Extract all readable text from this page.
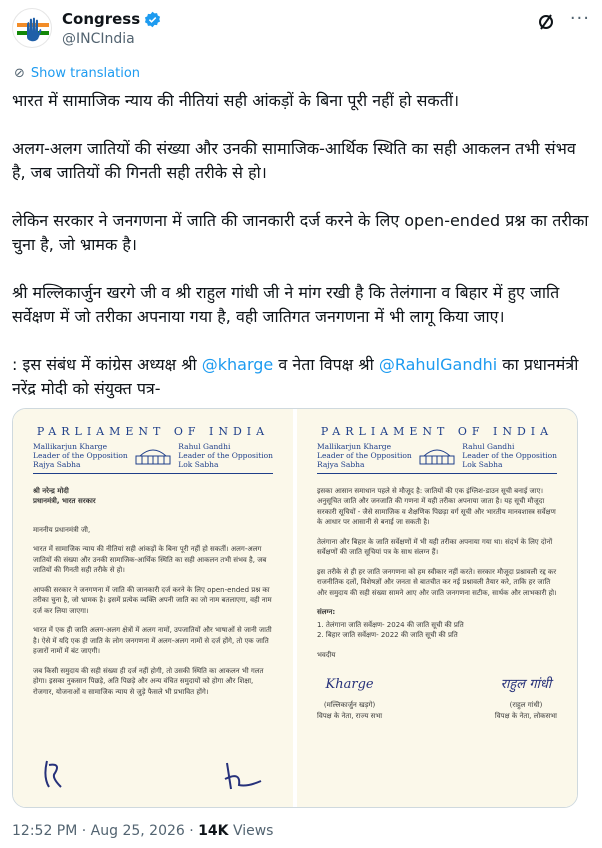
Congress
@INCIndia
···
⊘ Show translation

भारत में सामाजिक न्याय की नीतियां सही आंकड़ों के बिना पूरी नहीं हो सकतीं।

अलग-अलग जातियों की संख्या और उनकी सामाजिक-आर्थिक स्थिति का सही आकलन तभी संभव है, जब जातियों की गिनती सही तरीके से हो।

लेकिन सरकार ने जनगणना में जाति की जानकारी दर्ज करने के लिए open-ended प्रश्न का तरीका चुना है, जो भ्रामक है।

श्री मल्लिकार्जुन खरगे जी व श्री राहुल गांधी जी ने मांग रखी है कि तेलंगाना व बिहार में हुए जाति सर्वेक्षण में जो तरीका अपनाया गया है, वही जातिगत जनगणना में भी लागू किया जाए।

: इस संबंध में कांग्रेस अध्यक्ष श्री @kharge व नेता विपक्ष श्री @RahulGandhi का प्रधानमंत्री नरेंद्र मोदी को संयुक्त पत्र-

PARLIAMENT OF INDIA
Mallikarjun Kharge
Leader of the Opposition
Rajya Sabha
Rahul Gandhi
Leader of the Opposition
Lok Sabha
श्री नरेन्द्र मोदी
प्रधानमंत्री, भारत सरकार

माननीय प्रधानमंत्री जी,

भारत में सामाजिक न्याय की नीतियां सही आंकड़ों के बिना पूरी नहीं हो सकतीं। अलग-अलग जातियों की संख्या और उनकी सामाजिक-आर्थिक स्थिति का सही आकलन तभी संभव है, जब जातियों की गिनती सही तरीके से हो।

आपकी सरकार ने जनगणना में जाति की जानकारी दर्ज करने के लिए open-ended प्रश्न का तरीका चुना है, जो भ्रामक है। इसमें प्रत्येक व्यक्ति अपनी जाति का जो नाम बतलाएगा, वही नाम दर्ज कर लिया जाएगा।

भारत में एक ही जाति अलग-अलग क्षेत्रों में अलग नामों, उपजातियों और भाषाओं से जानी जाती है। ऐसे में यदि एक ही जाति के लोग जनगणना में अलग-अलग नामों से दर्ज होंगे, तो एक जाति हजारों नामों में बंट जाएगी।

जब किसी समुदाय की सही संख्या ही दर्ज नहीं होगी, तो उसकी स्थिति का आकलन भी गलत होगा। इसका नुकसान पिछड़े, अति पिछड़े और अन्य वंचित समुदायों को होगा और शिक्षा, रोजगार, योजनाओं व सामाजिक न्याय से जुड़े फैसले भी प्रभावित होंगे।

PARLIAMENT OF INDIA
Mallikarjun Kharge
Leader of the Opposition
Rajya Sabha
Rahul Gandhi
Leader of the Opposition
Lok Sabha

इसका आसान समाधान पहले से मौजूद है: जातियों की एक इंग्लिश-डाउन सूची बनाई जाए। अनुसूचित जाति और जनजाति की गणना में यही तरीका अपनाया जाता है। यह सूची मौजूदा सरकारी सूचियों - जैसे सामाजिक व शैक्षणिक पिछड़ा वर्ग सूची और भारतीय मानवशास्त्र सर्वेक्षण के आधार पर आसानी से बनाई जा सकती है।

तेलंगाना और बिहार के जाति सर्वेक्षणों में भी यही तरीका अपनाया गया था। संदर्भ के लिए दोनों सर्वेक्षणों की जाति सूचियां पत्र के साथ संलग्न हैं।

इस तरीके से ही हर जाति जनगणना को हम स्वीकार नहीं करते। सरकार मौजूदा प्रश्नावली रद्द कर राजनीतिक दलों, विशेषज्ञों और जनता से बातचीत कर नई प्रश्नावली तैयार करे, ताकि हर जाति और समुदाय की सही संख्या सामने आए और जाति जनगणना सटीक, सार्थक और लाभकारी हो।

संलग्न:

1. तेलंगाना जाति सर्वेक्षण- 2024 की जाति सूची की प्रति

2. बिहार जाति सर्वेक्षण- 2022 की जाति सूची की प्रति

भवदीय

Kharge
(मल्लिकार्जुन खड़गे)
विपक्ष के नेता, राज्य सभा
राहुल गांधी
(राहुल गांधी)
विपक्ष के नेता, लोकसभा
12:52 PM · Aug 25, 2026 · 14K Views
